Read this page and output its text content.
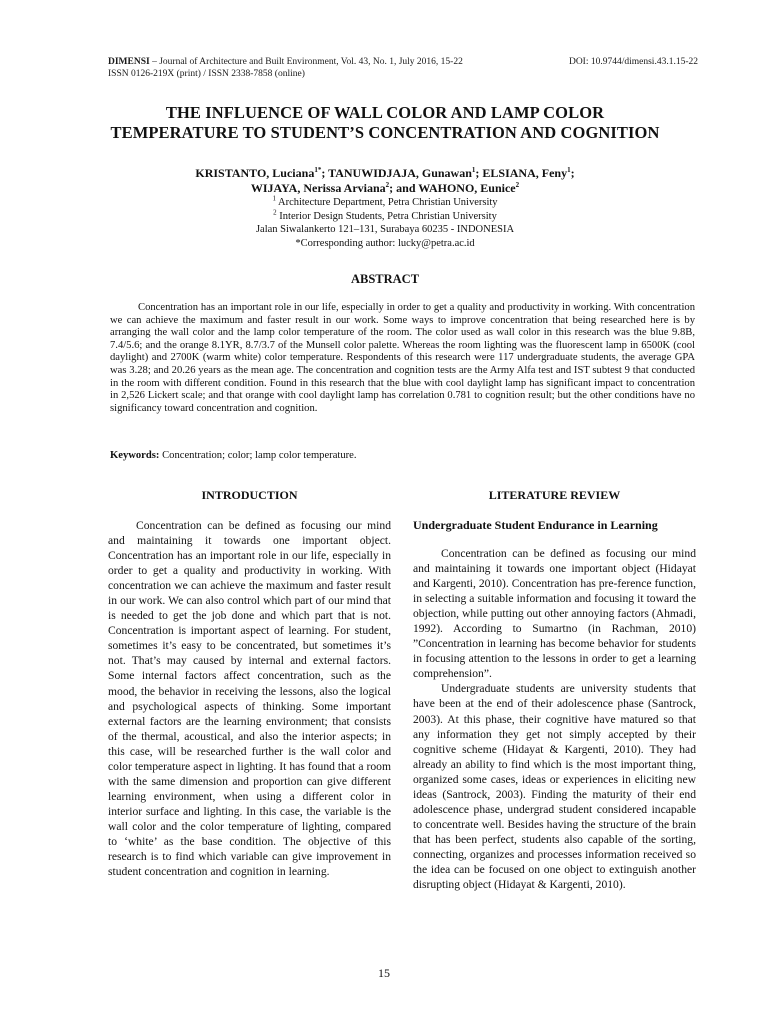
DIMENSI – Journal of Architecture and Built Environment, Vol. 43, No. 1, July 2016, 15-22	DOI: 10.9744/dimensi.43.1.15-22
ISSN 0126-219X (print) / ISSN 2338-7858 (online)
THE INFLUENCE OF WALL COLOR AND LAMP COLOR
TEMPERATURE TO STUDENT’S CONCENTRATION AND COGNITION
KRISTANTO, Luciana$^{1*}$; TANUWIDJAJA, Gunawan$^1$; ELSIANA, Feny$^1$;
WIJAYA, Nerissa Arviana$^2$; and WAHONO, Eunice$^2$
$^1$ Architecture Department, Petra Christian University
$^2$ Interior Design Students, Petra Christian University
Jalan Siwalankerto 121–131, Surabaya 60235 - INDONESIA
*Corresponding author: lucky@petra.ac.id
ABSTRACT

Concentration has an important role in our life, especially in order to get a quality and productivity in working. With concentration we can achieve the maximum and faster result in our work. Some ways to improve concentration that being researched here is by arranging the wall color and the lamp color temperature of the room. The color used as wall color in this research was the blue 9.8B, 7.4/5.6; and the orange 8.1YR, 8.7/3.7 of the Munsell color palette. Whereas the room lighting was the fluorescent lamp in 6500K (cool daylight) and 2700K (warm white) color temperature. Respondents of this research were 117 undergraduate students, the average GPA was 3.28; and 20.26 years as the mean age. The concentration and cognition tests are the Army Alfa test and IST subtest 9 that conducted in the room with different condition. Found in this research that the blue with cool daylight lamp has significant impact to concentration in 2,526 Lickert scale; and that orange with cool daylight lamp has correlation 0.781 to cognition result; but the other conditions have no significancy toward concentration and cognition.

Keywords: Concentration; color; lamp color temperature.
INTRODUCTION

Concentration can be defined as focusing our mind and maintaining it towards one important object. Concentration has an important role in our life, especially in order to get a quality and productivity in working. With concentration we can achieve the maximum and faster result in our work. We can also control which part of our mind that is needed to get the job done and which part that is not. Concentration is important aspect of learning. For student, sometimes it’s easy to be concentrated, but sometimes it’s not. That’s may caused by internal and external factors. Some internal factors affect concentration, such as the mood, the behavior in receiving the lessons, also the logical and psychological aspects of thinking. Some important external factors are the learning environment; that consists of the thermal, acoustical, and also the interior aspects; in this case, will be researched further is the wall color and color temperature aspect in lighting. It has found that a room with the same dimension and proportion can give different learning environment, when using a different color in interior surface and lighting. In this case, the variable is the wall color and the color temperature of lighting, compared to ‘white’ as the base condition. The objective of this research is to find which variable can give improvement in student concentration and cognition in learning.

LITERATURE REVIEW
Undergraduate Student Endurance in Learning

Concentration can be defined as focusing our mind and maintaining it towards one important object (Hidayat and Kargenti, 2010). Concentration has pre-ference function, in selecting a suitable information and focusing it toward the objection, while putting out other annoying factors (Ahmadi, 1992). According to Sumartno (in Rachman, 2010) ”Concentration in learning has become behavior for students in focusing attention to the lessons in order to get a learning comprehension”.

Undergraduate students are university students that have been at the end of their adolescence phase (Santrock, 2003). At this phase, their cognitive have matured so that any information they get not simply accepted by their cognitive scheme (Hidayat & Kargenti, 2010). They had already an ability to find which is the most important thing, organized some cases, ideas or experiences in eliciting new ideas (Santrock, 2003). Finding the maturity of their end adolescence phase, undergrad student considered incapable to concentrate well. Besides having the structure of the brain that has been perfect, students also capable of the sorting, connecting, organizes and processes information received so the idea can be focused on one object to extinguish another disrupting object (Hidayat & Kargenti, 2010).

15
